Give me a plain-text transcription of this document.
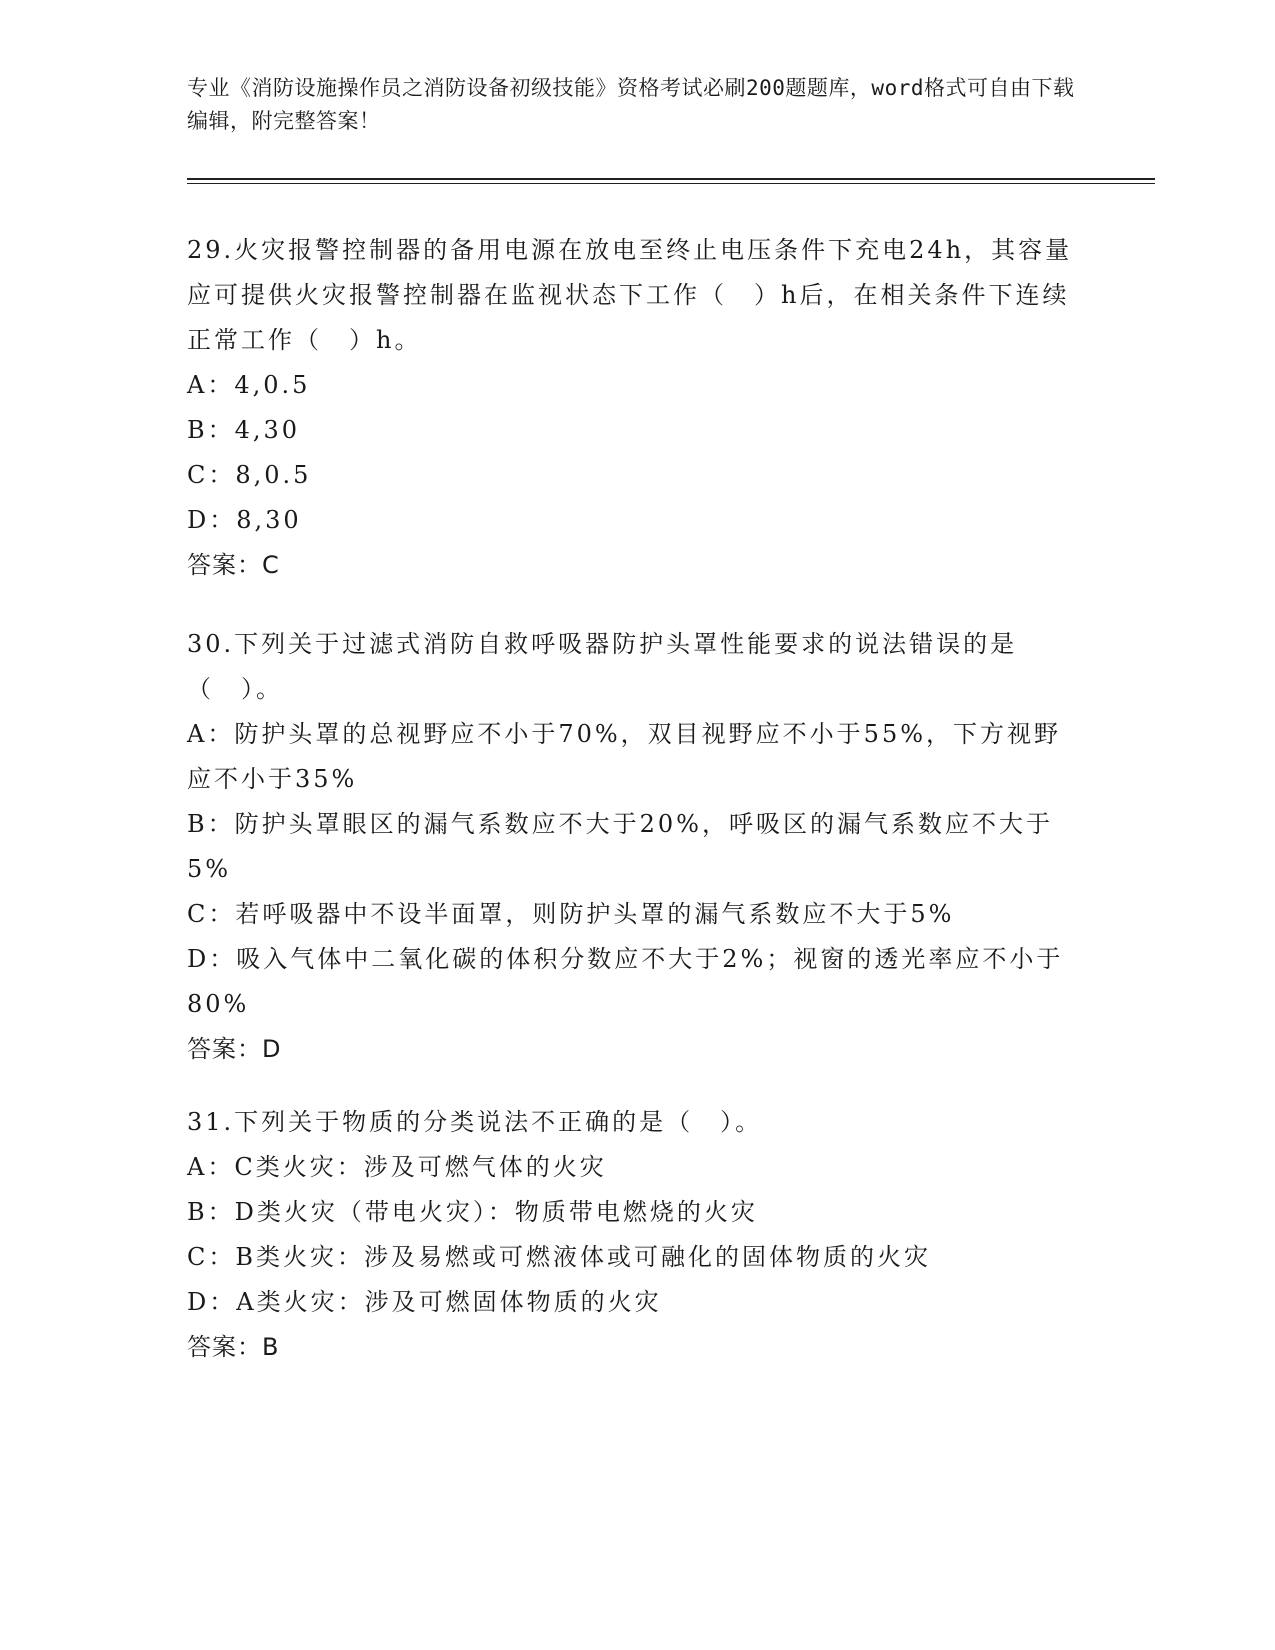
专业《消防设施操作员之消防设备初级技能》资格考试必刷200题题库，word格式可自由下载编辑，附完整答案！

29.火灾报警控制器的备用电源在放电至终止电压条件下充电24h，其容量应可提供火灾报警控制器在监视状态下工作（　）h后，在相关条件下连续正常工作（　）h。

A：4,0.5

B：4,30

C：8,0.5

D：8,30

答案：C

30.下列关于过滤式消防自救呼吸器防护头罩性能要求的说法错误的是（　）。

A：防护头罩的总视野应不小于70%，双目视野应不小于55%，下方视野应不小于35%

B：防护头罩眼区的漏气系数应不大于20%，呼吸区的漏气系数应不大于5%

C：若呼吸器中不设半面罩，则防护头罩的漏气系数应不大于5%

D：吸入气体中二氧化碳的体积分数应不大于2%；视窗的透光率应不小于80%

答案：D

31.下列关于物质的分类说法不正确的是（　）。

A：C类火灾：涉及可燃气体的火灾

B：D类火灾（带电火灾）：物质带电燃烧的火灾

C：B类火灾：涉及易燃或可燃液体或可融化的固体物质的火灾

D：A类火灾：涉及可燃固体物质的火灾

答案：B
